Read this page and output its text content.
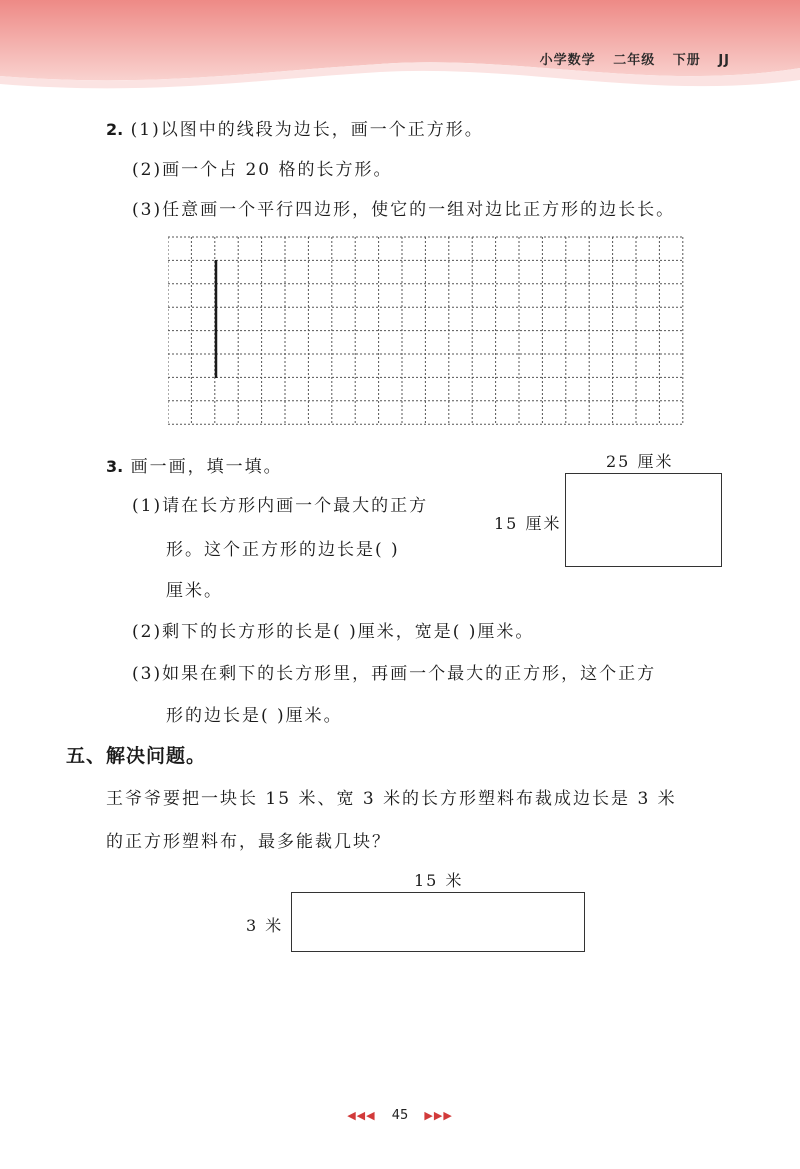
小学数学 二年级 下册 JJ
2. (1)以图中的线段为边长，画一个正方形。
(2)画一个占 20 格的长方形。
(3)任意画一个平行四边形，使它的一组对边比正方形的边长长。
3. 画一画，填一填。
(1)请在长方形内画一个最大的正方
形。这个正方形的边长是( )
厘米。
25 厘米
15 厘米
(2)剩下的长方形的长是( )厘米，宽是( )厘米。
(3)如果在剩下的长方形里，再画一个最大的正方形，这个正方
形的边长是( )厘米。
五、解决问题。
王爷爷要把一块长 15 米、宽 3 米的长方形塑料布裁成边长是 3 米
的正方形塑料布，最多能裁几块？
15 米
3 米
◀◀◀ 45 ▶▶▶
